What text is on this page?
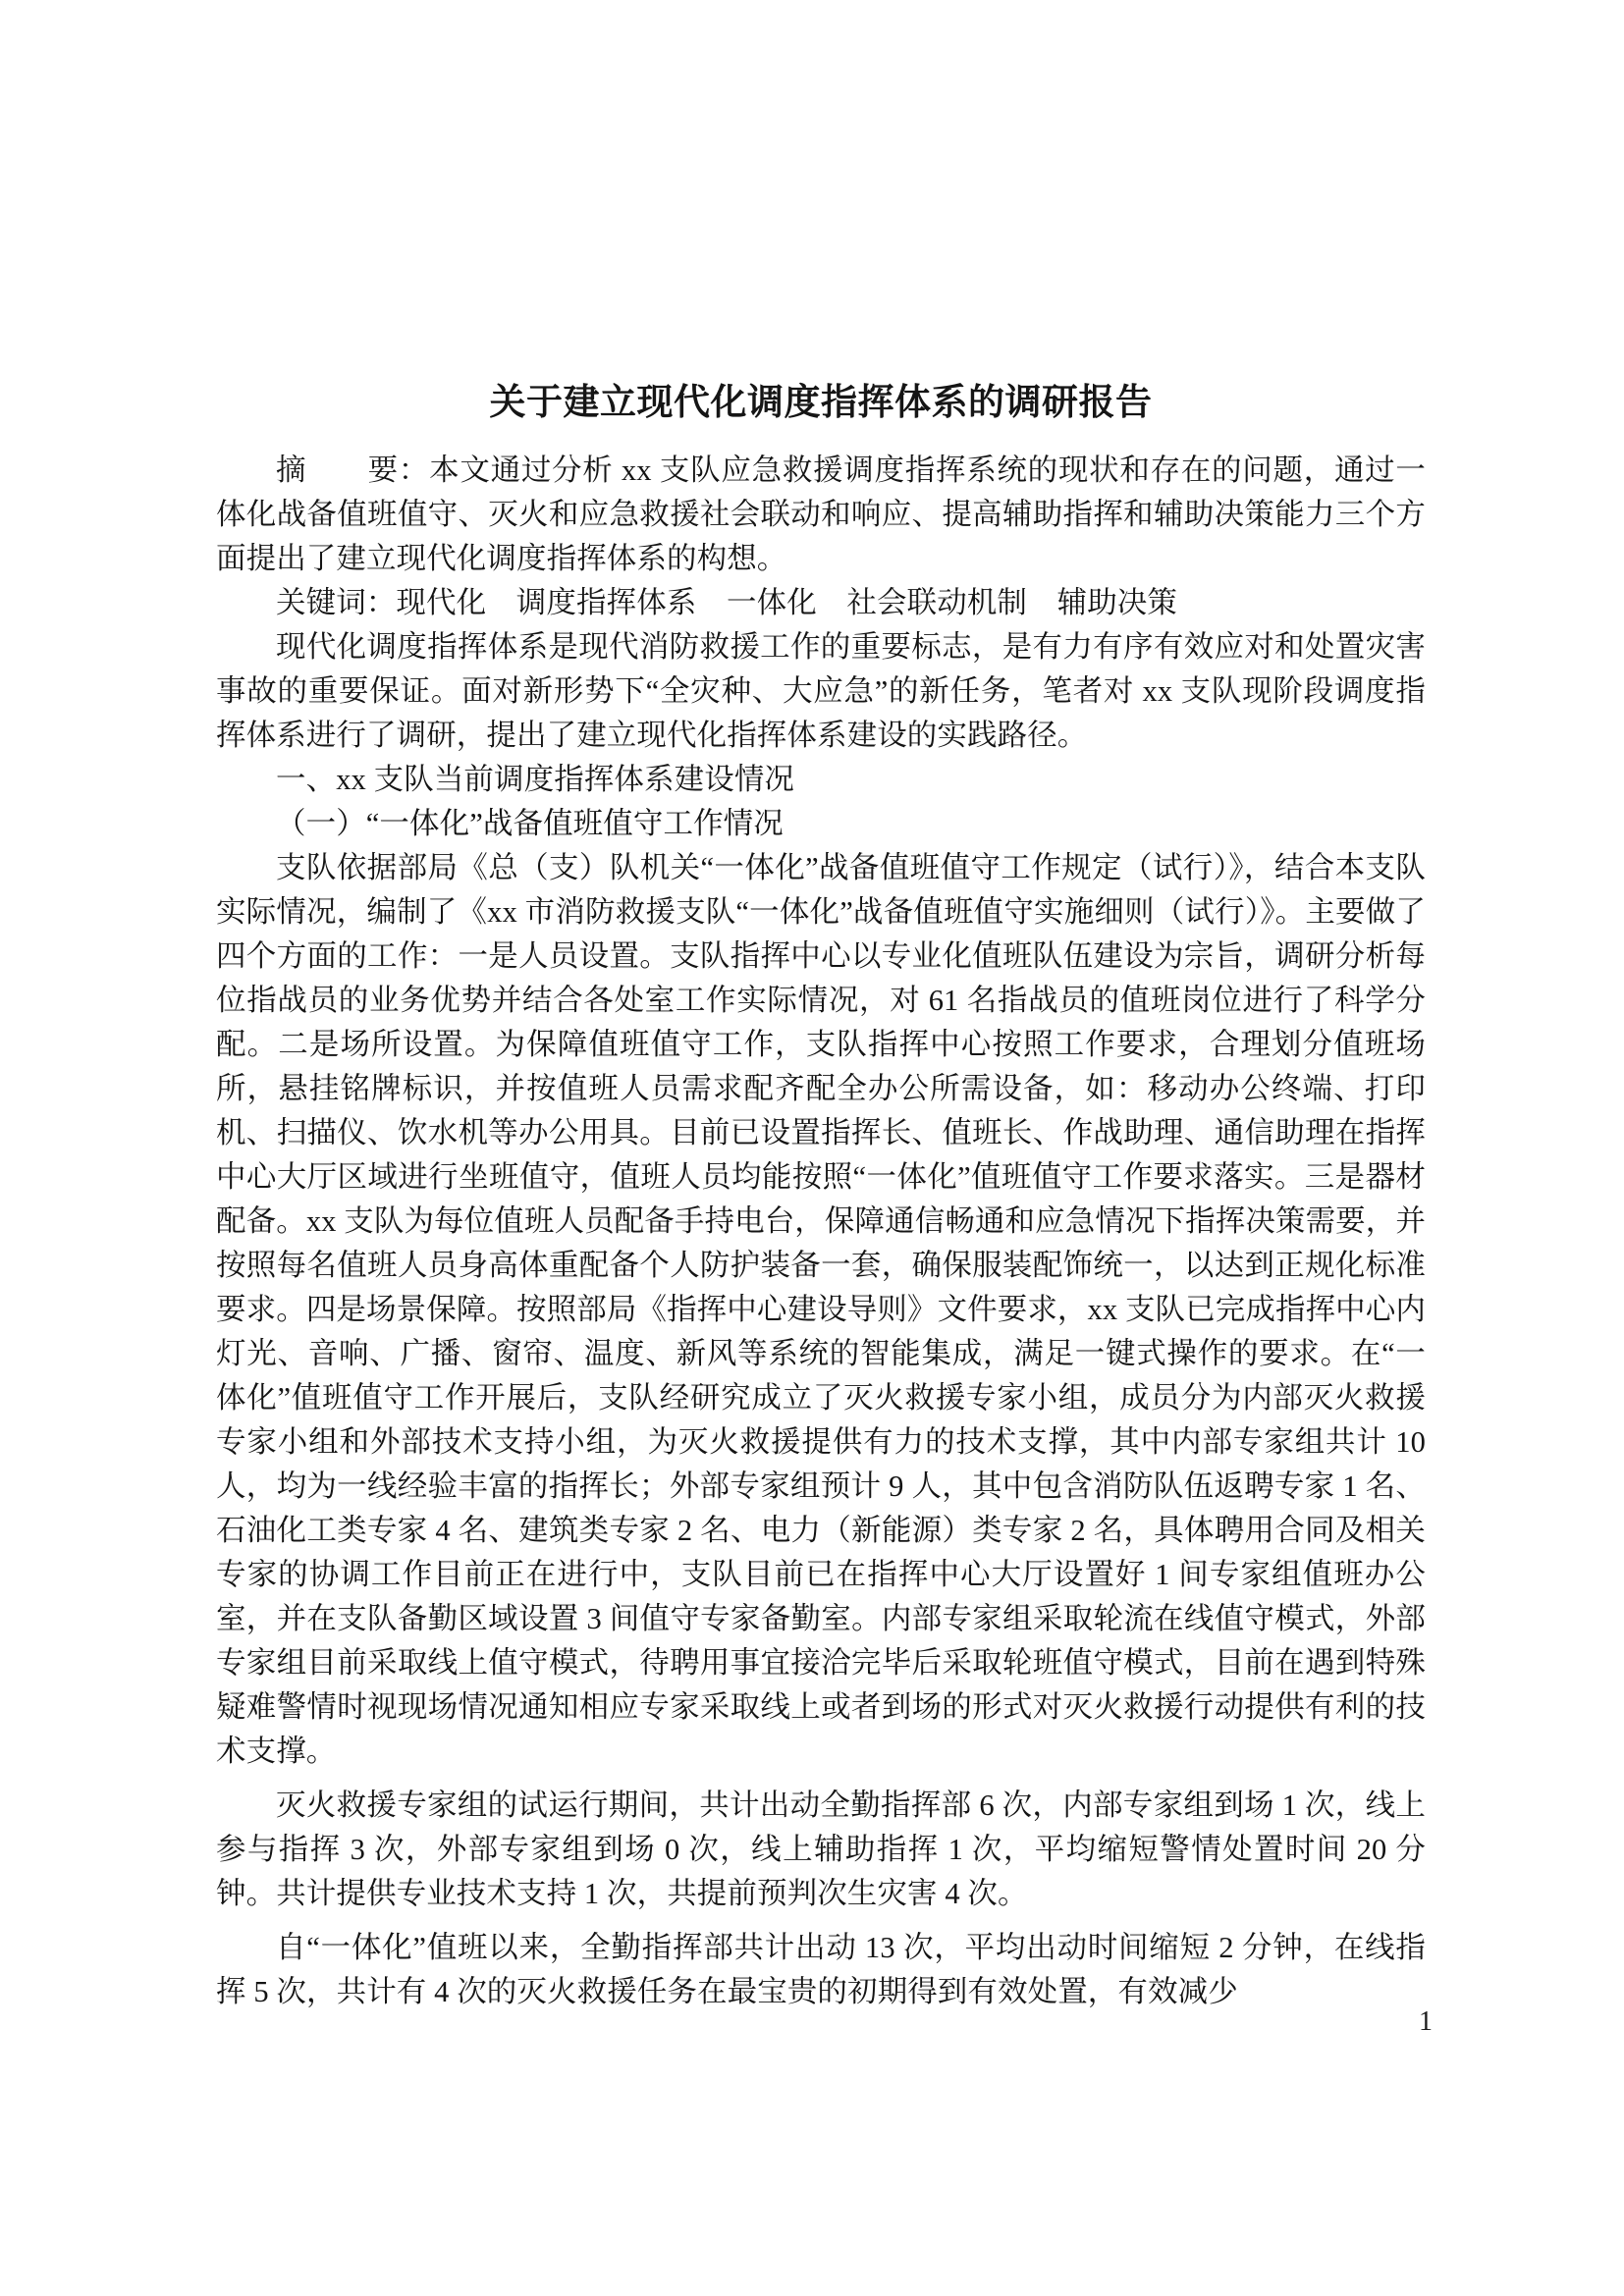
关于建立现代化调度指挥体系的调研报告

摘　　要：本文通过分析 xx 支队应急救援调度指挥系统的现状和存在的问题，通过一体化战备值班值守、灭火和应急救援社会联动和响应、提高辅助指挥和辅助决策能力三个方面提出了建立现代化调度指挥体系的构想。

关键词：现代化　调度指挥体系　一体化　社会联动机制　辅助决策

现代化调度指挥体系是现代消防救援工作的重要标志，是有力有序有效应对和处置灾害事故的重要保证。面对新形势下“全灾种、大应急”的新任务，笔者对 xx 支队现阶段调度指挥体系进行了调研，提出了建立现代化指挥体系建设的实践路径。

一、xx 支队当前调度指挥体系建设情况

（一）“一体化”战备值班值守工作情况

支队依据部局《总（支）队机关“一体化”战备值班值守工作规定（试行）》，结合本支队实际情况，编制了《xx 市消防救援支队“一体化”战备值班值守实施细则（试行）》。主要做了四个方面的工作：一是人员设置。支队指挥中心以专业化值班队伍建设为宗旨，调研分析每位指战员的业务优势并结合各处室工作实际情况，对 61 名指战员的值班岗位进行了科学分配。二是场所设置。为保障值班值守工作，支队指挥中心按照工作要求，合理划分值班场所，悬挂铭牌标识，并按值班人员需求配齐配全办公所需设备，如：移动办公终端、打印机、扫描仪、饮水机等办公用具。目前已设置指挥长、值班长、作战助理、通信助理在指挥中心大厅区域进行坐班值守，值班人员均能按照“一体化”值班值守工作要求落实。三是器材配备。xx 支队为每位值班人员配备手持电台，保障通信畅通和应急情况下指挥决策需要，并按照每名值班人员身高体重配备个人防护装备一套，确保服装配饰统一，以达到正规化标准要求。四是场景保障。按照部局《指挥中心建设导则》文件要求，xx 支队已完成指挥中心内灯光、音响、广播、窗帘、温度、新风等系统的智能集成，满足一键式操作的要求。在“一体化”值班值守工作开展后，支队经研究成立了灭火救援专家小组，成员分为内部灭火救援专家小组和外部技术支持小组，为灭火救援提供有力的技术支撑，其中内部专家组共计 10 人，均为一线经验丰富的指挥长；外部专家组预计 9 人，其中包含消防队伍返聘专家 1 名、石油化工类专家 4 名、建筑类专家 2 名、电力（新能源）类专家 2 名，具体聘用合同及相关专家的协调工作目前正在进行中，支队目前已在指挥中心大厅设置好 1 间专家组值班办公室，并在支队备勤区域设置 3 间值守专家备勤室。内部专家组采取轮流在线值守模式，外部专家组目前采取线上值守模式，待聘用事宜接洽完毕后采取轮班值守模式，目前在遇到特殊疑难警情时视现场情况通知相应专家采取线上或者到场的形式对灭火救援行动提供有利的技术支撑。

灭火救援专家组的试运行期间，共计出动全勤指挥部 6 次，内部专家组到场 1 次，线上参与指挥 3 次，外部专家组到场 0 次，线上辅助指挥 1 次，平均缩短警情处置时间 20 分钟。共计提供专业技术支持 1 次，共提前预判次生灾害 4 次。

自“一体化”值班以来，全勤指挥部共计出动 13 次，平均出动时间缩短 2 分钟，在线指挥 5 次，共计有 4 次的灭火救援任务在最宝贵的初期得到有效处置，有效减少

1
